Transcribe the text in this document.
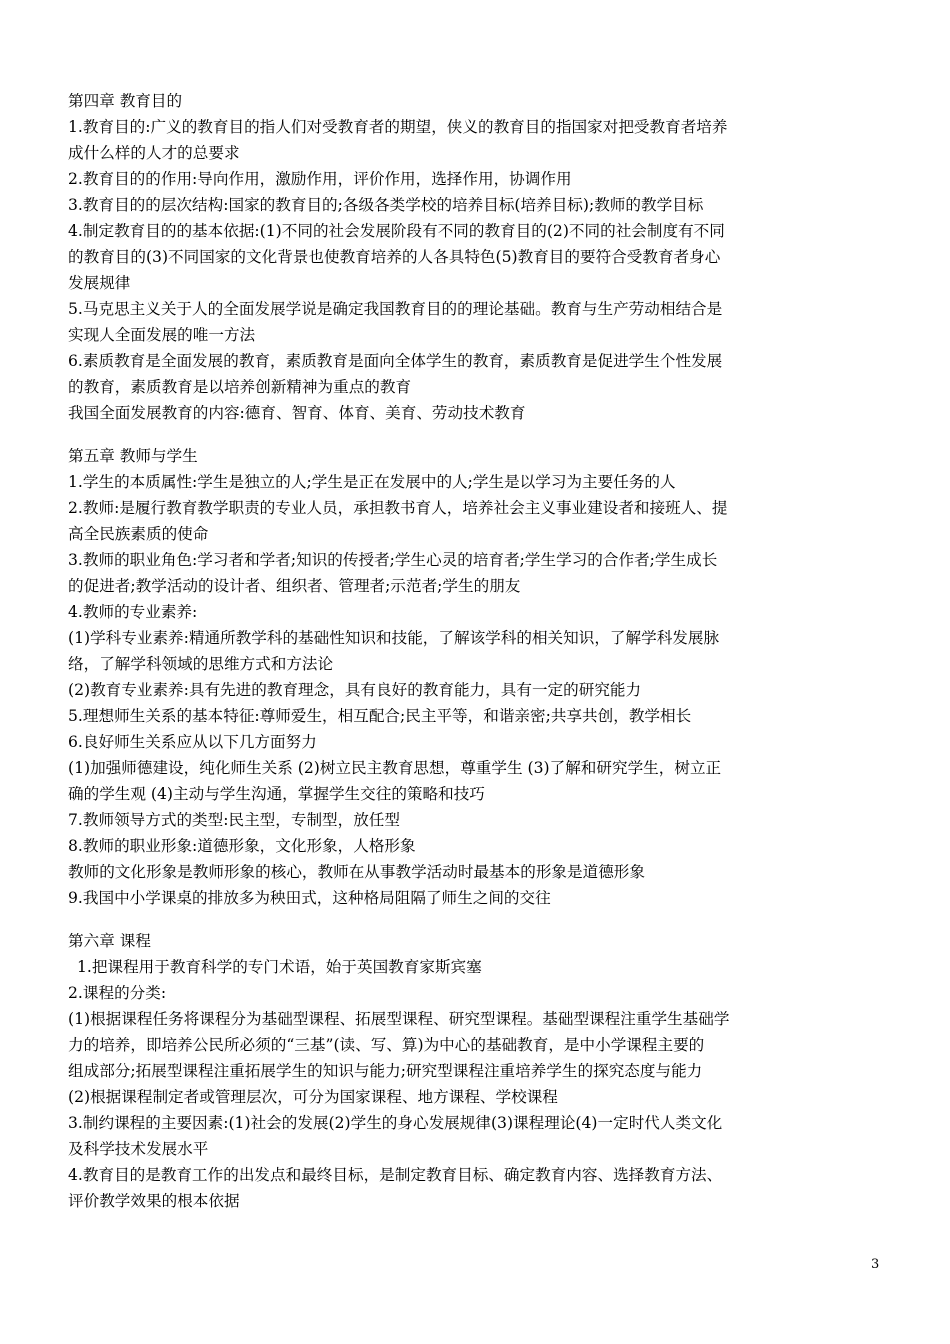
第四章 教育目的

1.教育目的:广义的教育目的指人们对受教育者的期望，侠义的教育目的指国家对把受教育者培养

成什么样的人才的总要求

2.教育目的的作用:导向作用，激励作用，评价作用，选择作用，协调作用

3.教育目的的层次结构:国家的教育目的;各级各类学校的培养目标(培养目标);教师的教学目标

4.制定教育目的的基本依据:(1)不同的社会发展阶段有不同的教育目的(2)不同的社会制度有不同

的教育目的(3)不同国家的文化背景也使教育培养的人各具特色(5)教育目的要符合受教育者身心

发展规律

5.马克思主义关于人的全面发展学说是确定我国教育目的的理论基础。教育与生产劳动相结合是

实现人全面发展的唯一方法

6.素质教育是全面发展的教育，素质教育是面向全体学生的教育，素质教育是促进学生个性发展

的教育，素质教育是以培养创新精神为重点的教育

我国全面发展教育的内容:德育、智育、体育、美育、劳动技术教育

第五章 教师与学生

1.学生的本质属性:学生是独立的人;学生是正在发展中的人;学生是以学习为主要任务的人

2.教师:是履行教育教学职责的专业人员，承担教书育人，培养社会主义事业建设者和接班人、提

高全民族素质的使命

3.教师的职业角色:学习者和学者;知识的传授者;学生心灵的培育者;学生学习的合作者;学生成长

的促进者;教学活动的设计者、组织者、管理者;示范者;学生的朋友

4.教师的专业素养:

(1)学科专业素养:精通所教学科的基础性知识和技能，了解该学科的相关知识，了解学科发展脉

络，了解学科领域的思维方式和方法论

(2)教育专业素养:具有先进的教育理念，具有良好的教育能力，具有一定的研究能力

5.理想师生关系的基本特征:尊师爱生，相互配合;民主平等，和谐亲密;共享共创，教学相长

6.良好师生关系应从以下几方面努力

(1)加强师德建设，纯化师生关系 (2)树立民主教育思想，尊重学生 (3)了解和研究学生，树立正

确的学生观 (4)主动与学生沟通，掌握学生交往的策略和技巧

7.教师领导方式的类型:民主型，专制型，放任型

8.教师的职业形象:道德形象，文化形象，人格形象

教师的文化形象是教师形象的核心，教师在从事教学活动时最基本的形象是道德形象

9.我国中小学课桌的排放多为秧田式，这种格局阻隔了师生之间的交往

第六章 课程

1.把课程用于教育科学的专门术语，始于英国教育家斯宾塞

2.课程的分类:

(1)根据课程任务将课程分为基础型课程、拓展型课程、研究型课程。基础型课程注重学生基础学

力的培养，即培养公民所必须的“三基”(读、写、算)为中心的基础教育，是中小学课程主要的

组成部分;拓展型课程注重拓展学生的知识与能力;研究型课程注重培养学生的探究态度与能力

(2)根据课程制定者或管理层次，可分为国家课程、地方课程、学校课程

3.制约课程的主要因素:(1)社会的发展(2)学生的身心发展规律(3)课程理论(4)一定时代人类文化

及科学技术发展水平

4.教育目的是教育工作的出发点和最终目标，是制定教育目标、确定教育内容、选择教育方法、

评价教学效果的根本依据

3
